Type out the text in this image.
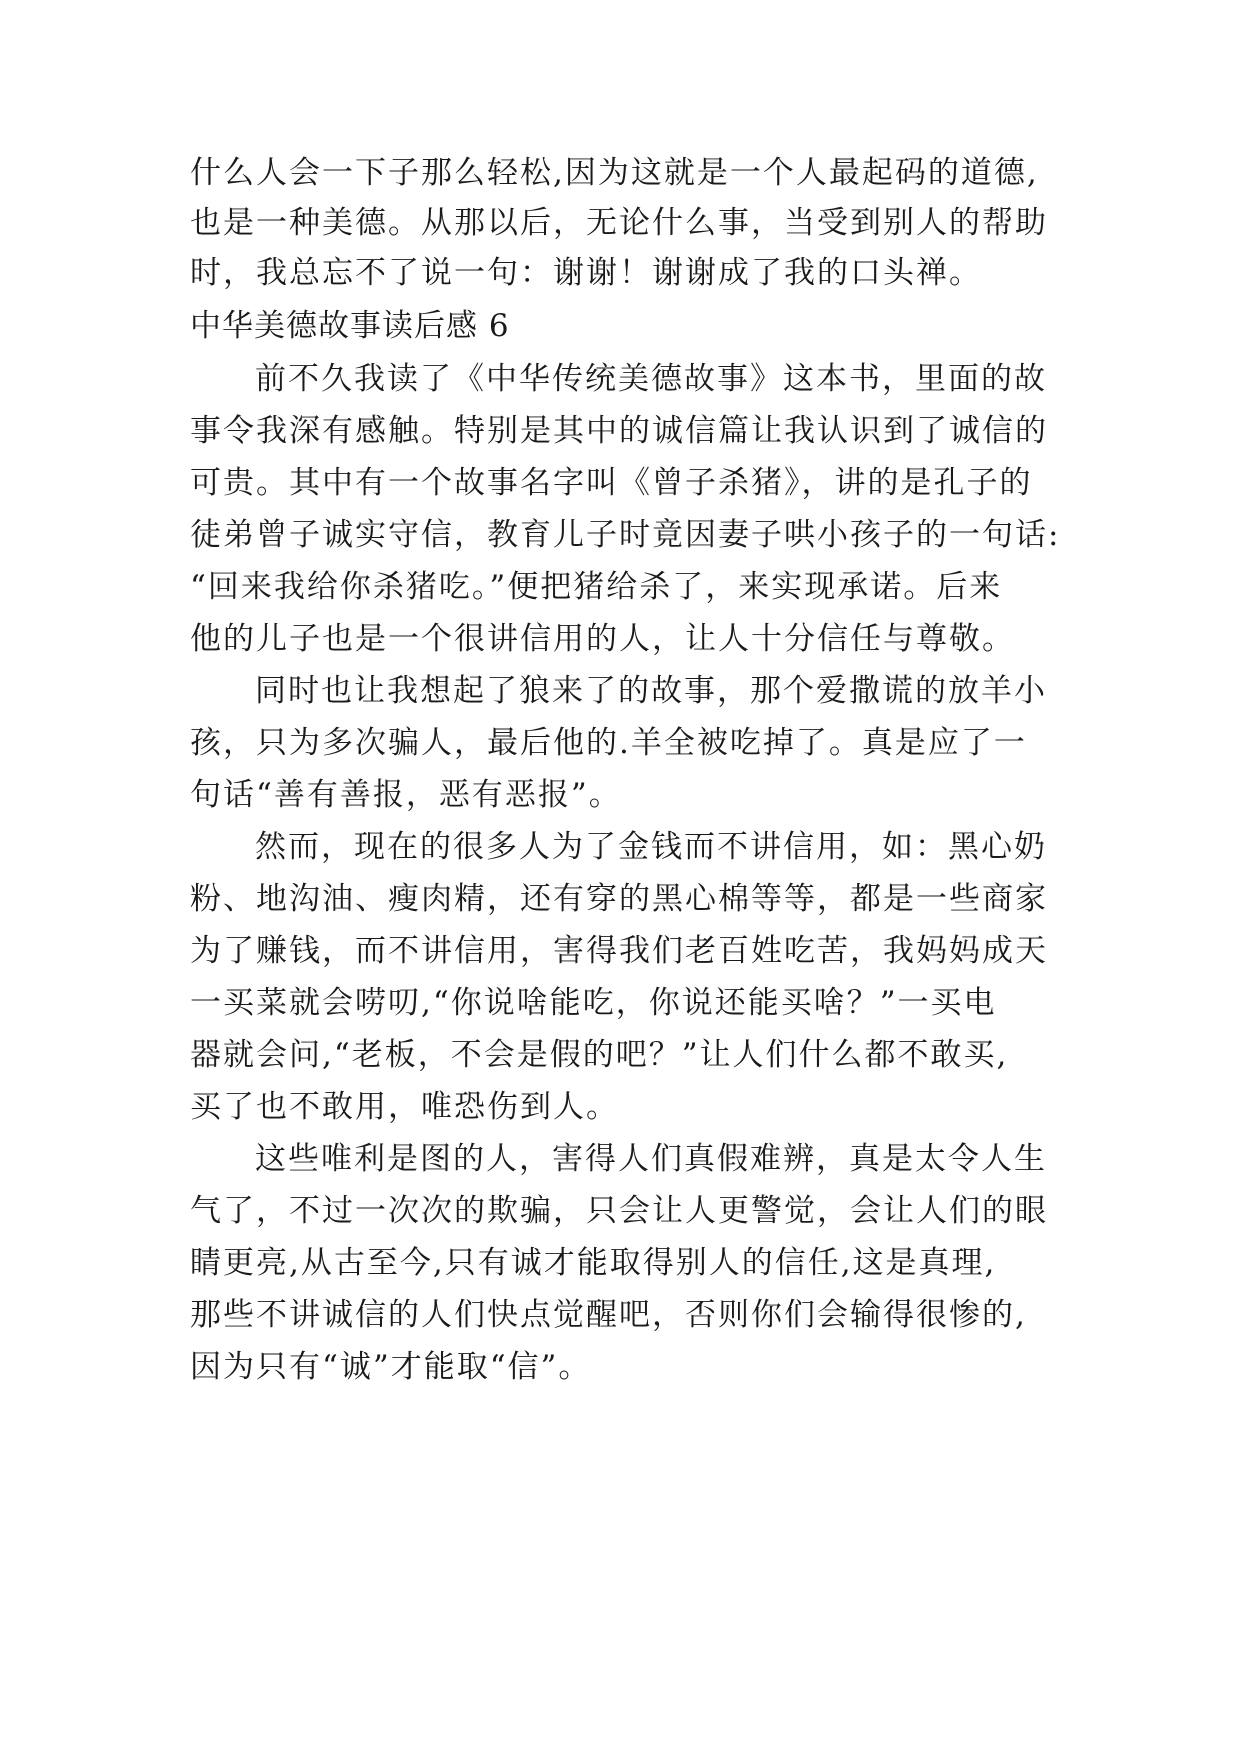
什么人会一下子那么轻松,因为这就是一个人最起码的道德,
也是一种美德。从那以后，无论什么事，当受到别人的帮助
时，我总忘不了说一句：谢谢！谢谢成了我的口头禅。
中华美德故事读后感 6
前不久我读了《中华传统美德故事》这本书，里面的故
事令我深有感触。特别是其中的诚信篇让我认识到了诚信的
可贵。其中有一个故事名字叫《曾子杀猪》，讲的是孔子的
徒弟曾子诚实守信，教育儿子时竟因妻子哄小孩子的一句话:
“回来我给你杀猪吃。”便把猪给杀了，来实现承诺。后来
他的儿子也是一个很讲信用的人，让人十分信任与尊敬。
同时也让我想起了狼来了的故事，那个爱撒谎的放羊小
孩，只为多次骗人，最后他的.羊全被吃掉了。真是应了一
句话“善有善报，恶有恶报”。
然而，现在的很多人为了金钱而不讲信用，如：黑心奶
粉、地沟油、瘦肉精，还有穿的黑心棉等等，都是一些商家
为了赚钱，而不讲信用，害得我们老百姓吃苦，我妈妈成天
一买菜就会唠叨,“你说啥能吃，你说还能买啥？”一买电
器就会问,“老板，不会是假的吧？”让人们什么都不敢买,
买了也不敢用，唯恐伤到人。
这些唯利是图的人，害得人们真假难辨，真是太令人生
气了，不过一次次的欺骗，只会让人更警觉，会让人们的眼
睛更亮,从古至今,只有诚才能取得别人的信任,这是真理,
那些不讲诚信的人们快点觉醒吧，否则你们会输得很惨的,
因为只有“诚”才能取“信”。
